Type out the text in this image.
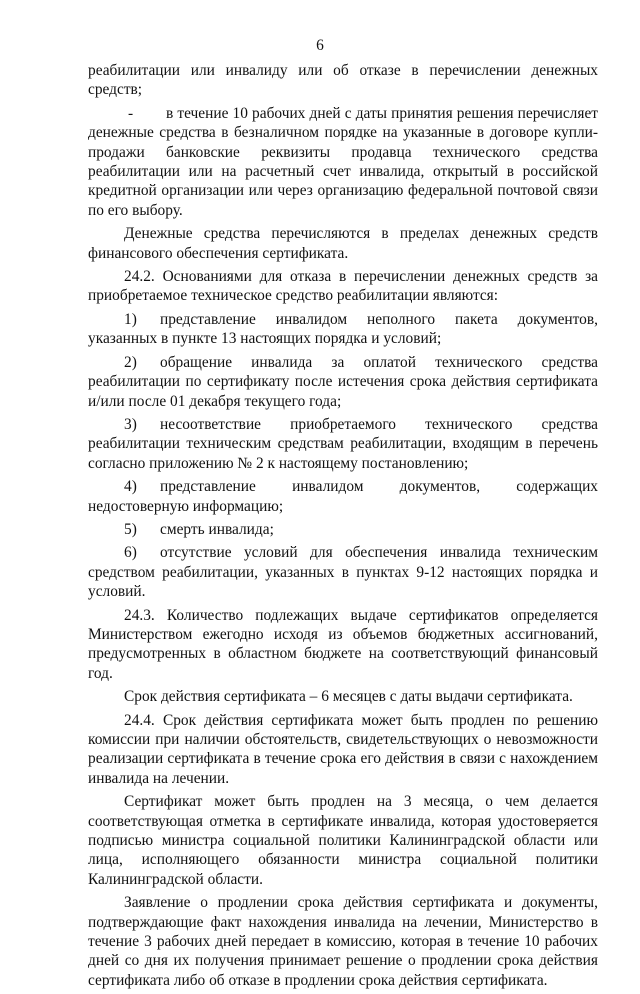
6

реабилитации или инвалиду или об отказе в перечислении денежных средств;

-	в течение 10 рабочих дней с даты принятия решения перечисляет
денежные средства в безналичном порядке на указанные в договоре купли-продажи банковские реквизиты продавца технического средства реабилитации или на расчетный счет инвалида, открытый в российской кредитной организации или через организацию федеральной почтовой связи по его выбору.

Денежные средства перечисляются в пределах денежных средств финансового обеспечения сертификата.

24.2. Основаниями для отказа в перечислении денежных средств за приобретаемое техническое средство реабилитации являются:

1)	представление инвалидом неполного пакета документов,
указанных в пункте 13 настоящих порядка и условий;
2)	обращение инвалида за оплатой технического средства
реабилитации по сертификату после истечения срока действия сертификата и/или после 01 декабря текущего года;
3)	несоответствие приобретаемого технического средства
реабилитации техническим средствам реабилитации, входящим в перечень согласно приложению № 2 к настоящему постановлению;
4)	представление инвалидом документов, содержащих
недостоверную информацию;
5)	смерть инвалида;
6)	отсутствие условий для обеспечения инвалида техническим
средством реабилитации, указанных в пунктах 9-12 настоящих порядка и условий.

24.3. Количество подлежащих выдаче сертификатов определяется Министерством ежегодно исходя из объемов бюджетных ассигнований, предусмотренных в областном бюджете на соответствующий финансовый год.

Срок действия сертификата – 6 месяцев с даты выдачи сертификата.

24.4. Срок действия сертификата может быть продлен по решению комиссии при наличии обстоятельств, свидетельствующих о невозможности реализации сертификата в течение срока его действия в связи с нахождением инвалида на лечении.

Сертификат может быть продлен на 3 месяца, о чем делается соответствующая отметка в сертификате инвалида, которая удостоверяется подписью министра социальной политики Калининградской области или лица, исполняющего обязанности министра социальной политики Калининградской области.

Заявление о продлении срока действия сертификата и документы, подтверждающие факт нахождения инвалида на лечении, Министерство в течение 3 рабочих дней передает в комиссию, которая в течение 10 рабочих дней со дня их получения принимает решение о продлении срока действия сертификата либо об отказе в продлении срока действия сертификата.
